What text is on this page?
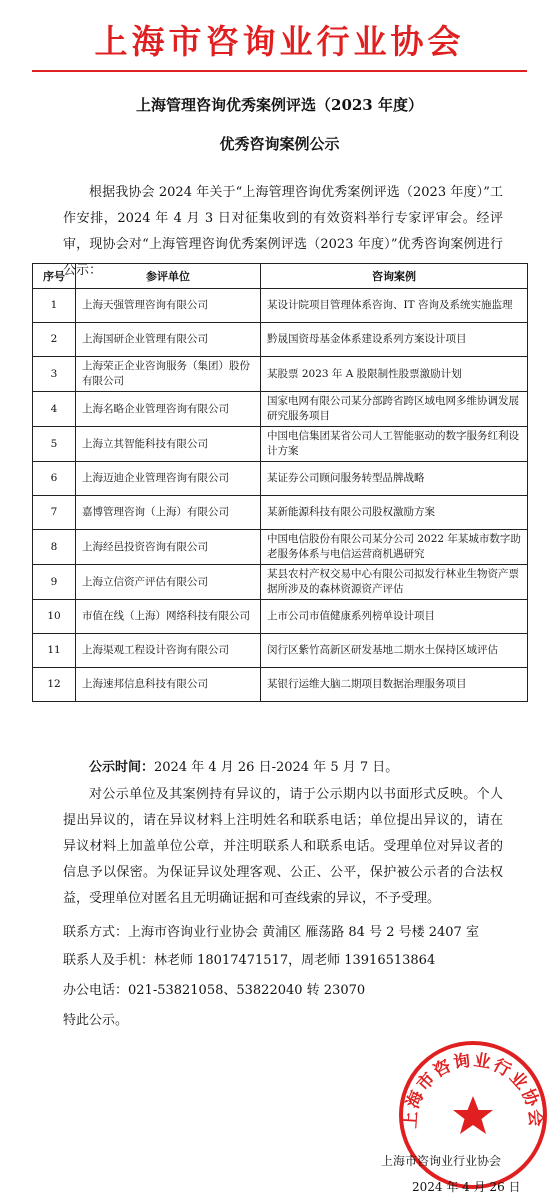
上海市咨询业行业协会
上海管理咨询优秀案例评选（2023 年度）
优秀咨询案例公示
根据我协会 2024 年关于“上海管理咨询优秀案例评选（2023 年度）”工作安排，2024 年 4 月 3 日对征集收到的有效资料举行专家评审会。经评审，现协会对“上海管理咨询优秀案例评选（2023 年度）”优秀咨询案例进行公示：
序号	参评单位	咨询案例
1	上海天强管理咨询有限公司	某设计院项目管理体系咨询、IT 咨询及系统实施监理
2	上海国研企业管理有限公司	黔晟国资母基金体系建设系列方案设计项目
3	上海荣正企业咨询服务（集团）股份有限公司	某股票 2023 年 A 股限制性股票激励计划
4	上海名略企业管理咨询有限公司	国家电网有限公司某分部跨省跨区域电网多维协调发展研究服务项目
5	上海立其智能科技有限公司	中国电信集团某省公司人工智能驱动的数字服务红利设计方案
6	上海迈迪企业管理咨询有限公司	某证券公司顾问服务转型品牌战略
7	嘉博管理咨询（上海）有限公司	某新能源科技有限公司股权激励方案
8	上海经邑投资咨询有限公司	中国电信股份有限公司某分公司 2022 年某城市数字助老服务体系与电信运营商机遇研究
9	上海立信资产评估有限公司	某县农村产权交易中心有限公司拟发行林业生物资产票据所涉及的森林资源资产评估
10	市值在线（上海）网络科技有限公司	上市公司市值健康系列榜单设计项目
11	上海渠观工程设计咨询有限公司	闵行区紫竹高新区研发基地二期水土保持区域评估
12	上海速邦信息科技有限公司	某银行运维大脑二期项目数据治理服务项目
公示时间：2024 年 4 月 26 日-2024 年 5 月 7 日。
对公示单位及其案例持有异议的，请于公示期内以书面形式反映。个人提出异议的，请在异议材料上注明姓名和联系电话；单位提出异议的，请在异议材料上加盖单位公章，并注明联系人和联系电话。受理单位对异议者的信息予以保密。为保证异议处理客观、公正、公平，保护被公示者的合法权益，受理单位对匿名且无明确证据和可查线索的异议，不予受理。
联系方式：上海市咨询业行业协会 黄浦区 雁荡路 84 号 2 号楼 2407 室
联系人及手机：林老师 18017471517，周老师 13916513864
办公电话：021-53821058、53822040 转 23070
特此公示。
上海市咨询业行业协会
上海市咨询业行业协会
2024 年 4 月 26 日
